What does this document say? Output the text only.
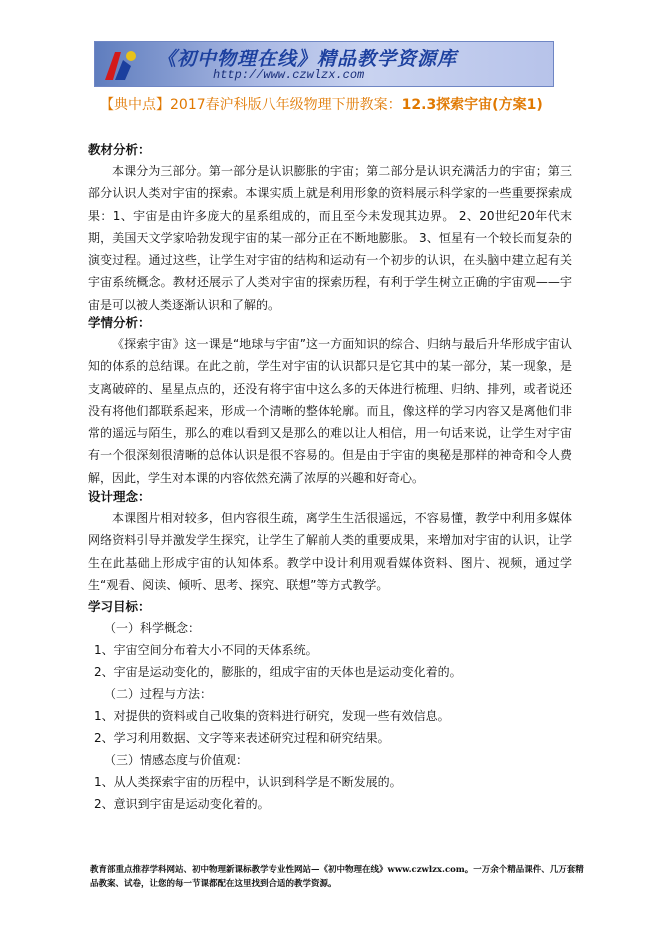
《初中物理在线》精品教学资源库
http://www.czwlzx.com
【典中点】2017春沪科版八年级物理下册教案：12.3探索宇宙(方案1)

教材分析：

本课分为三部分。第一部分是认识膨胀的宇宙；第二部分是认识充满活力的宇宙；第三部分认识人类对宇宙的探索。本课实质上就是利用形象的资料展示科学家的一些重要探索成果：1、宇宙是由许多庞大的星系组成的，而且至今未发现其边界。 2、20世纪20年代末期，美国天文学家哈勃发现宇宙的某一部分正在不断地膨胀。 3、恒星有一个较长而复杂的演变过程。通过这些，让学生对宇宙的结构和运动有一个初步的认识，在头脑中建立起有关宇宙系统概念。教材还展示了人类对宇宙的探索历程，有利于学生树立正确的宇宙观——宇宙是可以被人类逐渐认识和了解的。

学情分析：

《探索宇宙》这一课是“地球与宇宙”这一方面知识的综合、归纳与最后升华形成宇宙认知的体系的总结课。在此之前，学生对宇宙的认识都只是它其中的某一部分，某一现象，是支离破碎的、星星点点的，还没有将宇宙中这么多的天体进行梳理、归纳、排列，或者说还没有将他们都联系起来，形成一个清晰的整体轮廓。而且，像这样的学习内容又是离他们非常的遥远与陌生，那么的难以看到又是那么的难以让人相信，用一句话来说，让学生对宇宙有一个很深刻很清晰的总体认识是很不容易的。但是由于宇宙的奥秘是那样的神奇和令人费解，因此，学生对本课的内容依然充满了浓厚的兴趣和好奇心。

设计理念：

本课图片相对较多，但内容很生疏，离学生生活很遥远，不容易懂，教学中利用多媒体网络资料引导并激发学生探究，让学生了解前人类的重要成果，来增加对宇宙的认识，让学生在此基础上形成宇宙的认知体系。教学中设计利用观看媒体资料、图片、视频，通过学生“观看、阅读、倾听、思考、探究、联想”等方式教学。

学习目标：

（一）科学概念：

1、宇宙空间分布着大小不同的天体系统。

2、宇宙是运动变化的，膨胀的，组成宇宙的天体也是运动变化着的。

（二）过程与方法：

1、对提供的资料或自己收集的资料进行研究，发现一些有效信息。

2、学习利用数据、文字等来表述研究过程和研究结果。

（三）情感态度与价值观：

1、从人类探索宇宙的历程中，认识到科学是不断发展的。

2、意识到宇宙是运动变化着的。

教育部重点推荐学科网站、初中物理新课标教学专业性网站—《初中物理在线》www.czwlzx.com。一万余个精品课件、几万套精品教案、试卷，让您的每一节课都配在这里找到合适的教学资源。
